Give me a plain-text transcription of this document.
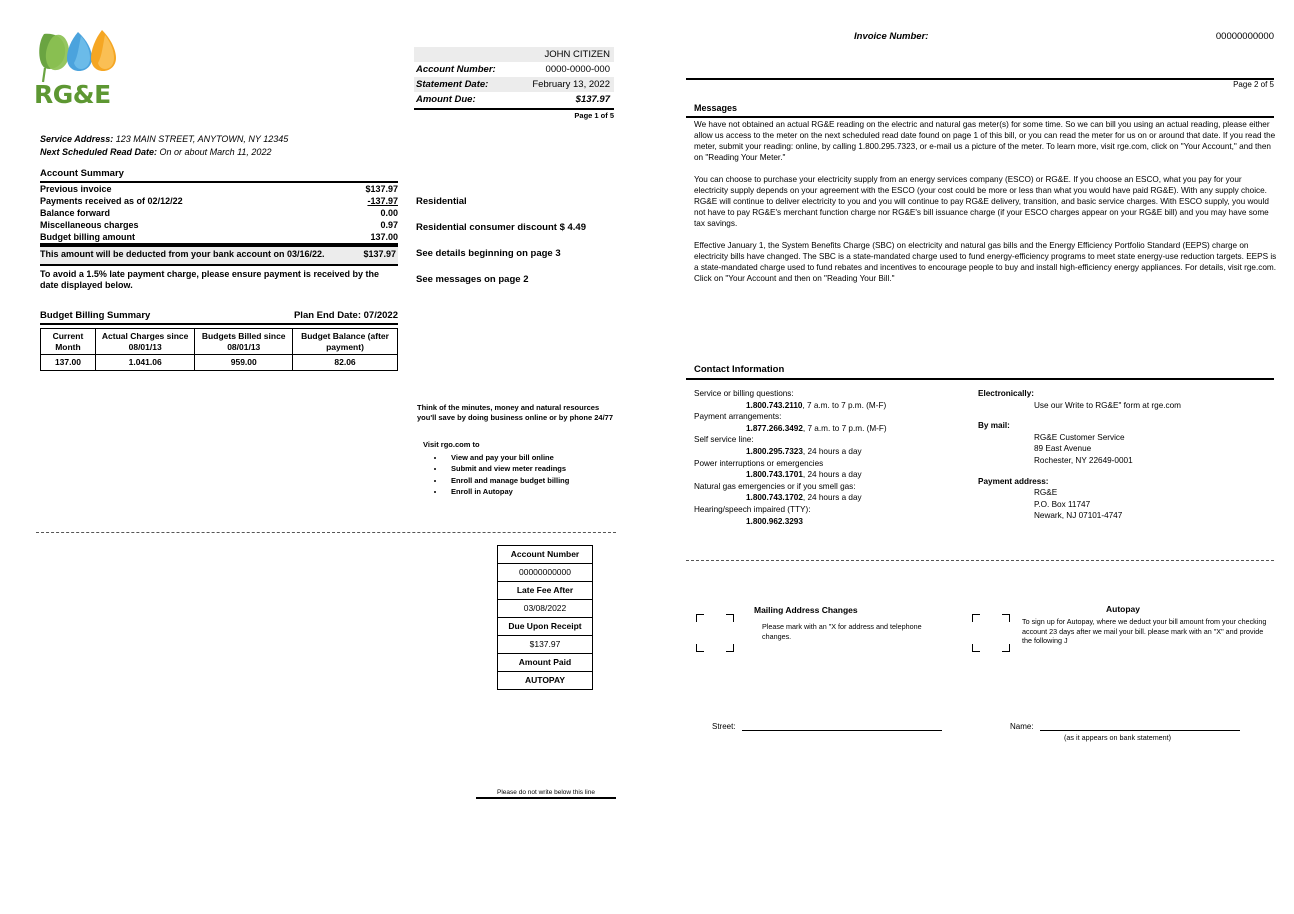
RG&E
JOHN CITIZEN
Account Number:	0000-0000-000
Statement Date:	February 13, 2022
Amount Due:	$137.97
Page 1 of 5
Service Address: 123 MAIN STREET, ANYTOWN, NY 12345
Next Scheduled Read Date: On or about March 11, 2022
Account Summary
Previous invoice	$137.97
Payments received as of 02/12/22	-137.97
Balance forward	0.00
Miscellaneous charges	0.97
Budget billing amount	137.00
This amount will be deducted from your bank account on 03/16/22.	$137.97
To avoid a 1.5% late payment charge, please ensure payment is received by the date displayed below.
Budget Billing Summary	Plan End Date: 07/2022
Current Month	Actual Charges since 08/01/13	Budgets Billed since 08/01/13	Budget Balance (after payment)
137.00	1.041.06	959.00	82.06

Residential

Residential consumer discount $ 4.49

See details beginning on page 3

See messages on page 2

Think of the minutes, money and natural resources you'll save by doing business online or by phone 24/77
Visit rgo.com to
• View and pay your bill online
• Submit and view meter readings
• Enroll and manage budget billing
• Enroll in Autopay
Account Number
00000000000
Late Fee After
03/08/2022
Due Upon Receipt
$137.97
Amount Paid
AUTOPAY
Please do not write below this line
Invoice Number:	00000000000
Page 2 of 5
Messages

We have not obtained an actual RG&E reading on the electric and natural gas meter(s) for some time. So we can bill you using an actual reading, please either allow us access to the meter on the next scheduled read date found on page 1 of this bill, or you can read the meter for us on or around that date. If you read the meter, submit your reading: online, by calling 1.800.295.7323, or e-mail us a picture of the meter. To learn more, visit rge.com, click on "Your Account," and then on "Reading Your Meter."

You can choose to purchase your electricity supply from an energy services company (ESCO) or RG&E. If you choose an ESCO, what you pay for your electricity supply depends on your agreement with the ESCO (your cost could be more or less than what you would have paid RG&E). With any supply choice. RG&E will continue to deliver electricity to you and you will continue to pay RG&E delivery, transition, and basic service charges. With ESCO supply, you would not have to pay RG&E's merchant function charge nor RG&E's bill issuance charge (if your ESCO charges appear on your RG&E bill) and you may have some tax savings.

Effective January 1, the System Benefits Charge (SBC) on electricity and natural gas bills and the Energy Efficiency Portfolio Standard (EEPS) charge on electricity bills have changed. The SBC is a state-mandated charge used to fund energy-efficiency programs to meet state energy-use reduction targets. EEPS is a state-mandated charge used to fund rebates and incentives to encourage people to buy and install high-efficiency energy appliances. For details, visit rge.com. Click on "Your Account and then on "Reading Your Bill."

Contact Information
Service or billing questions:
1.800.743.2110, 7 a.m. to 7 p.m. (M-F)
Payment arrangements:
1.877.266.3492, 7 a.m. to 7 p.m. (M-F)
Self service line:
1.800.295.7323, 24 hours a day
Power interruptions or emergencies
1.800.743.1701, 24 hours a day
Natural gas emergencies or if you smell gas:
1.800.743.1702, 24 hours a day
Hearing/speech impaired (TTY):
1.800.962.3293
Electronically:
Use our Write to RG&E" form at rge.com
By mail:
RG&E Customer Service
89 East Avenue
Rochester, NY 22649-0001
Payment address:
RG&E
P.O. Box 11747
Newark, NJ 07101-4747
Mailing Address Changes
Please mark with an "X for address and telephone changes.
Autopay
To sign up for Autopay, where we deduct your bill amount from your checking account 23 days after we mail your bill. please mark with an "X" and provide the following J
Street:	Name:
(as it appears on bank statement)
